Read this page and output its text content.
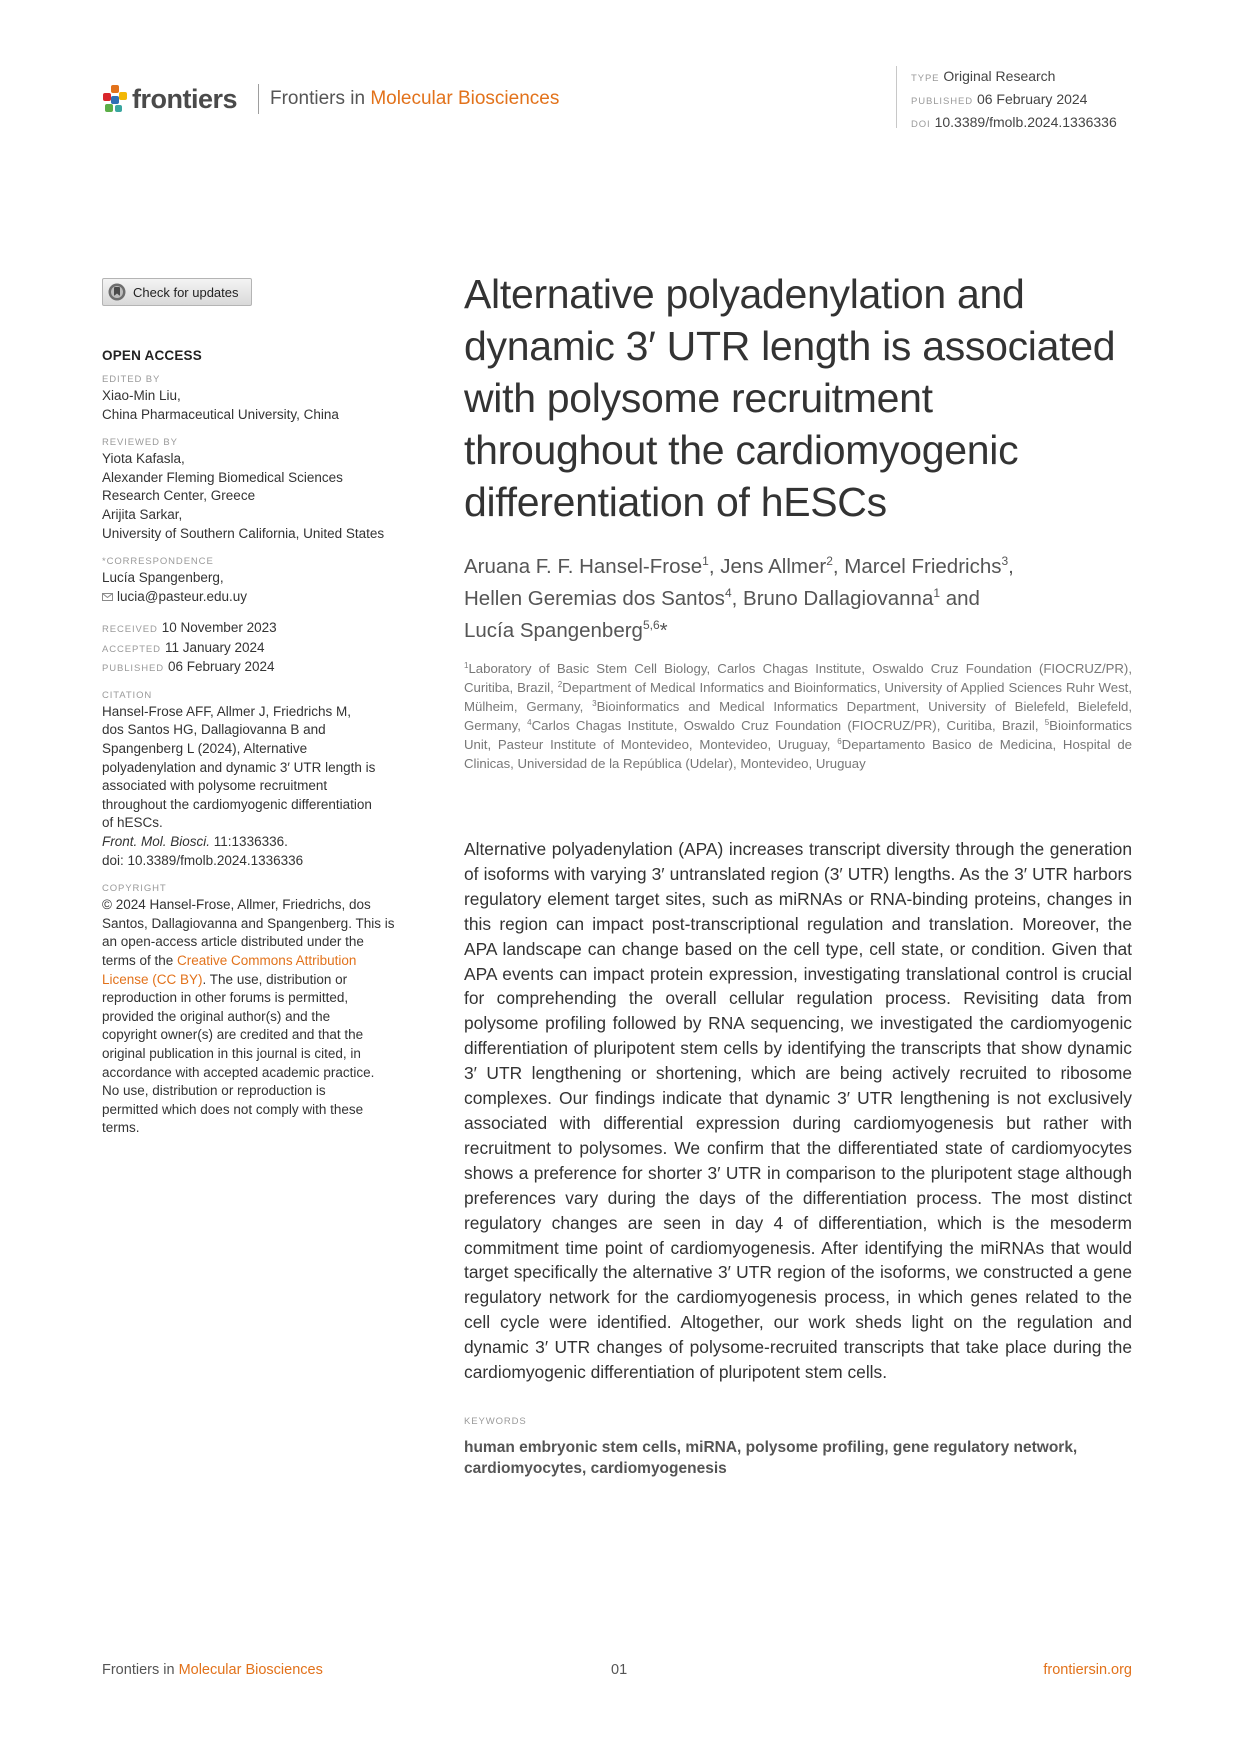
frontiers Frontiers in Molecular Biosciences
TYPE Original Research
PUBLISHED 06 February 2024
DOI 10.3389/fmolb.2024.1336336
Check for updates
OPEN ACCESS
EDITED BY
Xiao-Min Liu,
China Pharmaceutical University, China
REVIEWED BY
Yiota Kafasla,
Alexander Fleming Biomedical Sciences
Research Center, Greece
Arijita Sarkar,
University of Southern California, United States
*CORRESPONDENCE
Lucía Spangenberg,
lucia@pasteur.edu.uy
RECEIVED 10 November 2023
ACCEPTED 11 January 2024
PUBLISHED 06 February 2024
CITATION
Hansel-Frose AFF, Allmer J, Friedrichs M,
dos Santos HG, Dallagiovanna B and
Spangenberg L (2024), Alternative
polyadenylation and dynamic 3′ UTR length is
associated with polysome recruitment
throughout the cardiomyogenic differentiation
of hESCs.
Front. Mol. Biosci. 11:1336336.
doi: 10.3389/fmolb.2024.1336336
COPYRIGHT
© 2024 Hansel-Frose, Allmer, Friedrichs, dos
Santos, Dallagiovanna and Spangenberg. This is
an open-access article distributed under the
terms of the Creative Commons Attribution
License (CC BY). The use, distribution or
reproduction in other forums is permitted,
provided the original author(s) and the
copyright owner(s) are credited and that the
original publication in this journal is cited, in
accordance with accepted academic practice.
No use, distribution or reproduction is
permitted which does not comply with these
terms.
Alternative polyadenylation and dynamic 3′ UTR length is associated with polysome recruitment throughout the cardiomyogenic differentiation of hESCs
Aruana F. F. Hansel-Frose$^1$, Jens Allmer$^2$, Marcel Friedrichs$^3$,
Hellen Geremias dos Santos$^4$, Bruno Dallagiovanna$^1$ and
Lucía Spangenberg$^{5,6}$*
$^1$Laboratory of Basic Stem Cell Biology, Carlos Chagas Institute, Oswaldo Cruz Foundation (FIOCRUZ/PR), Curitiba, Brazil, $^2$Department of Medical Informatics and Bioinformatics, University of Applied Sciences Ruhr West, Mülheim, Germany, $^3$Bioinformatics and Medical Informatics Department, University of Bielefeld, Bielefeld, Germany, $^4$Carlos Chagas Institute, Oswaldo Cruz Foundation (FIOCRUZ/PR), Curitiba, Brazil, $^5$Bioinformatics Unit, Pasteur Institute of Montevideo, Montevideo, Uruguay, $^6$Departamento Basico de Medicina, Hospital de Clinicas, Universidad de la República (Udelar), Montevideo, Uruguay

Alternative polyadenylation (APA) increases transcript diversity through the generation of isoforms with varying 3′ untranslated region (3′ UTR) lengths. As the 3′ UTR harbors regulatory element target sites, such as miRNAs or RNA-binding proteins, changes in this region can impact post-transcriptional regulation and translation. Moreover, the APA landscape can change based on the cell type, cell state, or condition. Given that APA events can impact protein expression, investigating translational control is crucial for comprehending the overall cellular regulation process. Revisiting data from polysome profiling followed by RNA sequencing, we investigated the cardiomyogenic differentiation of pluripotent stem cells by identifying the transcripts that show dynamic 3′ UTR lengthening or shortening, which are being actively recruited to ribosome complexes. Our findings indicate that dynamic 3′ UTR lengthening is not exclusively associated with differential expression during cardiomyogenesis but rather with recruitment to polysomes. We confirm that the differentiated state of cardiomyocytes shows a preference for shorter 3′ UTR in comparison to the pluripotent stage although preferences vary during the days of the differentiation process. The most distinct regulatory changes are seen in day 4 of differentiation, which is the mesoderm commitment time point of cardiomyogenesis. After identifying the miRNAs that would target specifically the alternative 3′ UTR region of the isoforms, we constructed a gene regulatory network for the cardiomyogenesis process, in which genes related to the cell cycle were identified. Altogether, our work sheds light on the regulation and dynamic 3′ UTR changes of polysome-recruited transcripts that take place during the cardiomyogenic differentiation of pluripotent stem cells.

KEYWORDS
human embryonic stem cells, miRNA, polysome profiling, gene regulatory network, cardiomyocytes, cardiomyogenesis
Frontiers in Molecular Biosciences	01	frontiersin.org
